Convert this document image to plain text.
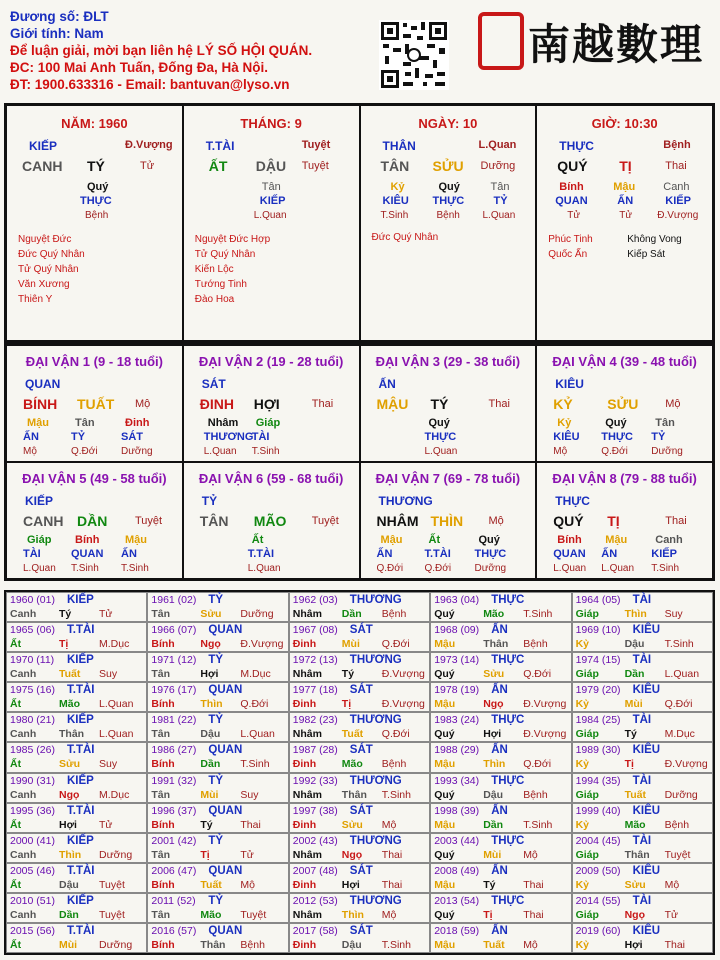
Đương số: ĐLT
Giới tính: Nam
Để luận giải, mời bạn liên hệ LÝ SỐ HỘI QUÁN.
ĐC: 100 Mai Anh Tuấn, Đống Đa, Hà Nội.
ĐT: 1900.633316 - Email: bantuvan@lyso.vn
南越數理
NĂM: 1960
KIẾP	Đ.Vượng
CANH TÝ	Tử
Quý
THỰC
Bệnh
Nguyệt Đức
Đức Quý Nhân
Tử Quý Nhân
Văn Xương
Thiên Y
THÁNG: 9
T.TÀI	Tuyệt
ẤT DẬU Tuyệt
Tân
KIẾP
L.Quan
Nguyệt Đức Hợp
Tử Quý Nhân
Kiến Lộc
Tướng Tinh
Đào Hoa
NGÀY: 10
THÂN	L.Quan
TÂN SỬU Dưỡng
Kỷ
KIÊU
T.Sinh
Quý
THỰC
Bệnh
Tân
TỶ
L.Quan
Đức Quý Nhân
GIỜ: 10:30
THỰC	Bệnh
QUÝ TỊ	Thai
Bính
QUAN
Tử
Mậu
ẤN
Tử
Canh
KIẾP
Đ.Vượng
Phúc Tinh
Quốc Ấn
Không Vong
Kiếp Sát
ĐẠI VẬN 1 (9 - 18 tuổi)
QUAN
BÍNH TUẤT Mộ
Mậu
ẤN
Mộ
Tân
TỶ
Q.Đới
Đinh
SÁT
Dưỡng
ĐẠI VẬN 2 (19 - 28 tuổi)
SÁT
ĐINH HỢI	Thai
Nhâm
THƯƠNG
L.Quan
Giáp
TÀI
T.Sinh
ĐẠI VẬN 3 (29 - 38 tuổi)
ẤN
MẬU TÝ	Thai
Quý
THỰC
L.Quan
ĐẠI VẬN 4 (39 - 48 tuổi)
KIÊU
KỶ SỬU Mộ
Kỷ
KIÊU
Mộ
Quý
THỰC
Q.Đới
Tân
TỶ
Dưỡng
ĐẠI VẬN 5 (49 - 58 tuổi)
KIẾP
CANH DẦN	Tuyệt
Giáp
TÀI
L.Quan
Bính
QUAN
T.Sinh
Mậu
ẤN
T.Sinh
ĐẠI VẬN 6 (59 - 68 tuổi)
TỶ
TÂN MÃO Tuyệt
Ất
T.TÀI
L.Quan
ĐẠI VẬN 7 (69 - 78 tuổi)
THƯƠNG
NHÂM THÌN Mộ
Mậu
ẤN
Q.Đới
Ất
T.TÀI
Q.Đới
Quý
THỰC
Dưỡng
ĐẠI VẬN 8 (79 - 88 tuổi)
THỰC
QUÝ TỊ	Thai
Bính
QUAN
L.Quan
Mậu
ẤN
L.Quan
Canh
KIẾP
T.Sinh
1960 (01) KIẾP
Canh Tý	Tử
1961 (02) TỶ
Tân	Sửu Dưỡng
1962 (03) THƯƠNG
Nhâm Dần Bệnh
1963 (04) THỰC
Quý	Mão T.Sinh
1964 (05) TÀI
Giáp Thìn Suy
1965 (06) T.TÀI
Ất	Tị	M.Dục
1966 (07) QUAN
Bính Ngọ Đ.Vượng
1967 (08) SÁT
Đinh Mùi Q.Đới
1968 (09) ẤN
Mậu	Thân Bệnh
1969 (10) KIÊU
Kỷ	Dậu T.Sinh
1970 (11) KIẾP
Canh Tuất Suy
1971 (12) TỶ
Tân	Hợi M.Dục
1972 (13) THƯƠNG
Nhâm Tý	Đ.Vượng
1973 (14) THỰC
Quý	Sửu Q.Đới
1974 (15) TÀI
Giáp Dần L.Quan
1975 (16) T.TÀI
Ất	Mão L.Quan
1976 (17) QUAN
Bính Thìn Q.Đới
1977 (18) SÁT
Đinh Tị	Đ.Vượng
1978 (19) ẤN
Mậu	Ngọ Đ.Vượng
1979 (20) KIÊU
Kỷ	Mùi Q.Đới
1980 (21) KIẾP
Canh Thân L.Quan
1981 (22) TỶ
Tân	Dậu L.Quan
1982 (23) THƯƠNG
Nhâm Tuất Q.Đới
1983 (24) THỰC
Quý	Hợi Đ.Vượng
1984 (25) TÀI
Giáp Tý	M.Dục
1985 (26) T.TÀI
Ất	Sửu Suy
1986 (27) QUAN
Bính Dần T.Sinh
1987 (28) SÁT
Đinh Mão Bệnh
1988 (29) ẤN
Mậu	Thìn Q.Đới
1989 (30) KIÊU
Kỷ	Tị	Đ.Vượng
1990 (31) KIẾP
Canh Ngọ M.Dục
1991 (32) TỶ
Tân	Mùi Suy
1992 (33) THƯƠNG
Nhâm Thân T.Sinh
1993 (34) THỰC
Quý	Dậu Bệnh
1994 (35) TÀI
Giáp Tuất Dưỡng
1995 (36) T.TÀI
Ất	Hợi Tử
1996 (37) QUAN
Bính Tý	Thai
1997 (38) SÁT
Đinh Sửu Mộ
1998 (39) ẤN
Mậu	Dần T.Sinh
1999 (40) KIÊU
Kỷ	Mão Bệnh
2000 (41) KIẾP
Canh Thìn Dưỡng
2001 (42) TỶ
Tân	Tị	Tử
2002 (43) THƯƠNG
Nhâm Ngọ Thai
2003 (44) THỰC
Quý	Mùi Mộ
2004 (45) TÀI
Giáp Thân Tuyệt
2005 (46) T.TÀI
Ất	Dậu Tuyệt
2006 (47) QUAN
Bính Tuất Mộ
2007 (48) SÁT
Đinh Hợi Thai
2008 (49) ẤN
Mậu	Tý	Thai
2009 (50) KIÊU
Kỷ	Sửu Mộ
2010 (51) KIẾP
Canh Dần Tuyệt
2011 (52) TỶ
Tân	Mão Tuyệt
2012 (53) THƯƠNG
Nhâm Thìn Mộ
2013 (54) THỰC
Quý	Tị	Thai
2014 (55) TÀI
Giáp Ngọ Tử
2015 (56) T.TÀI
Ất	Mùi Dưỡng
2016 (57) QUAN
Bính Thân Bệnh
2017 (58) SÁT
Đinh Dậu T.Sinh
2018 (59) ẤN
Mậu	Tuất Mộ
2019 (60) KIÊU
Kỷ	Hợi Thai
